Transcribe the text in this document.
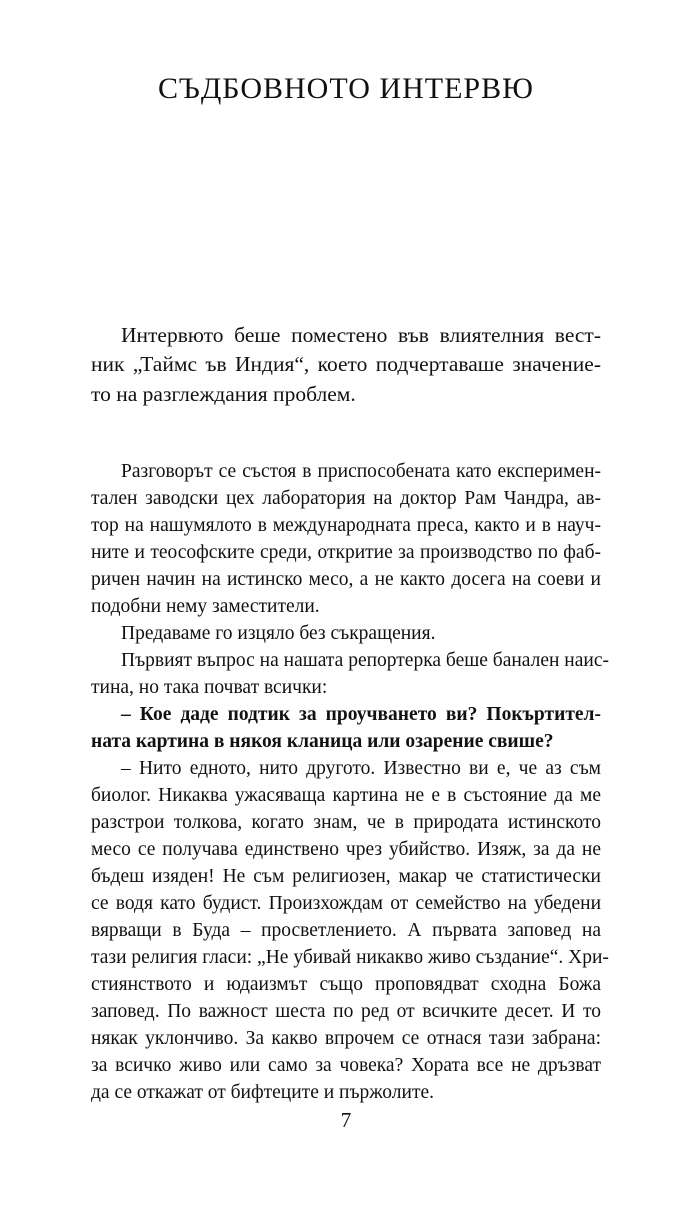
СЪДБОВНОТО ИНТЕРВЮ
Интервюто беше поместено във влиятелния вест-
ник „Таймс ъв Индия“, което подчертаваше значение-
то на разглеждания проблем.
Разговорът се състоя в приспособената като експеримен-
тален заводски цех лаборатория на доктор Рам Чандра, ав-
тор на нашумялото в международната преса, както и в науч-
ните и теософските среди, откритие за производство по фаб-
ричен начин на истинско месо, а не както досега на соеви и
подобни нему заместители.
Предаваме го изцяло без съкращения.
Първият въпрос на нашата репортерка беше банален наис-
тина, но така почват всички:
– Кое даде подтик за проучването ви? Покъртител-
ната картина в някоя кланица или озарение свише?
– Нито едното, нито другото. Известно ви е, че аз съм
биолог. Никаква ужасяваща картина не е в състояние да ме
разстрои толкова, когато знам, че в природата истинското
месо се получава единствено чрез убийство. Изяж, за да не
бъдеш изяден! Не съм религиозен, макар че статистически
се водя като будист. Произхождам от семейство на убедени
вярващи в Буда – просветлението. А първата заповед на
тази религия гласи: „Не убивай никакво живо създание“. Хри-
стиянството и юдаизмът също проповядват сходна Божа
заповед. По важност шеста по ред от всичките десет. И то
някак уклончиво. За какво впрочем се отнася тази забрана:
за всичко живо или само за човека? Хората все не дръзват
да се откажат от бифтеците и пържолите.
7
